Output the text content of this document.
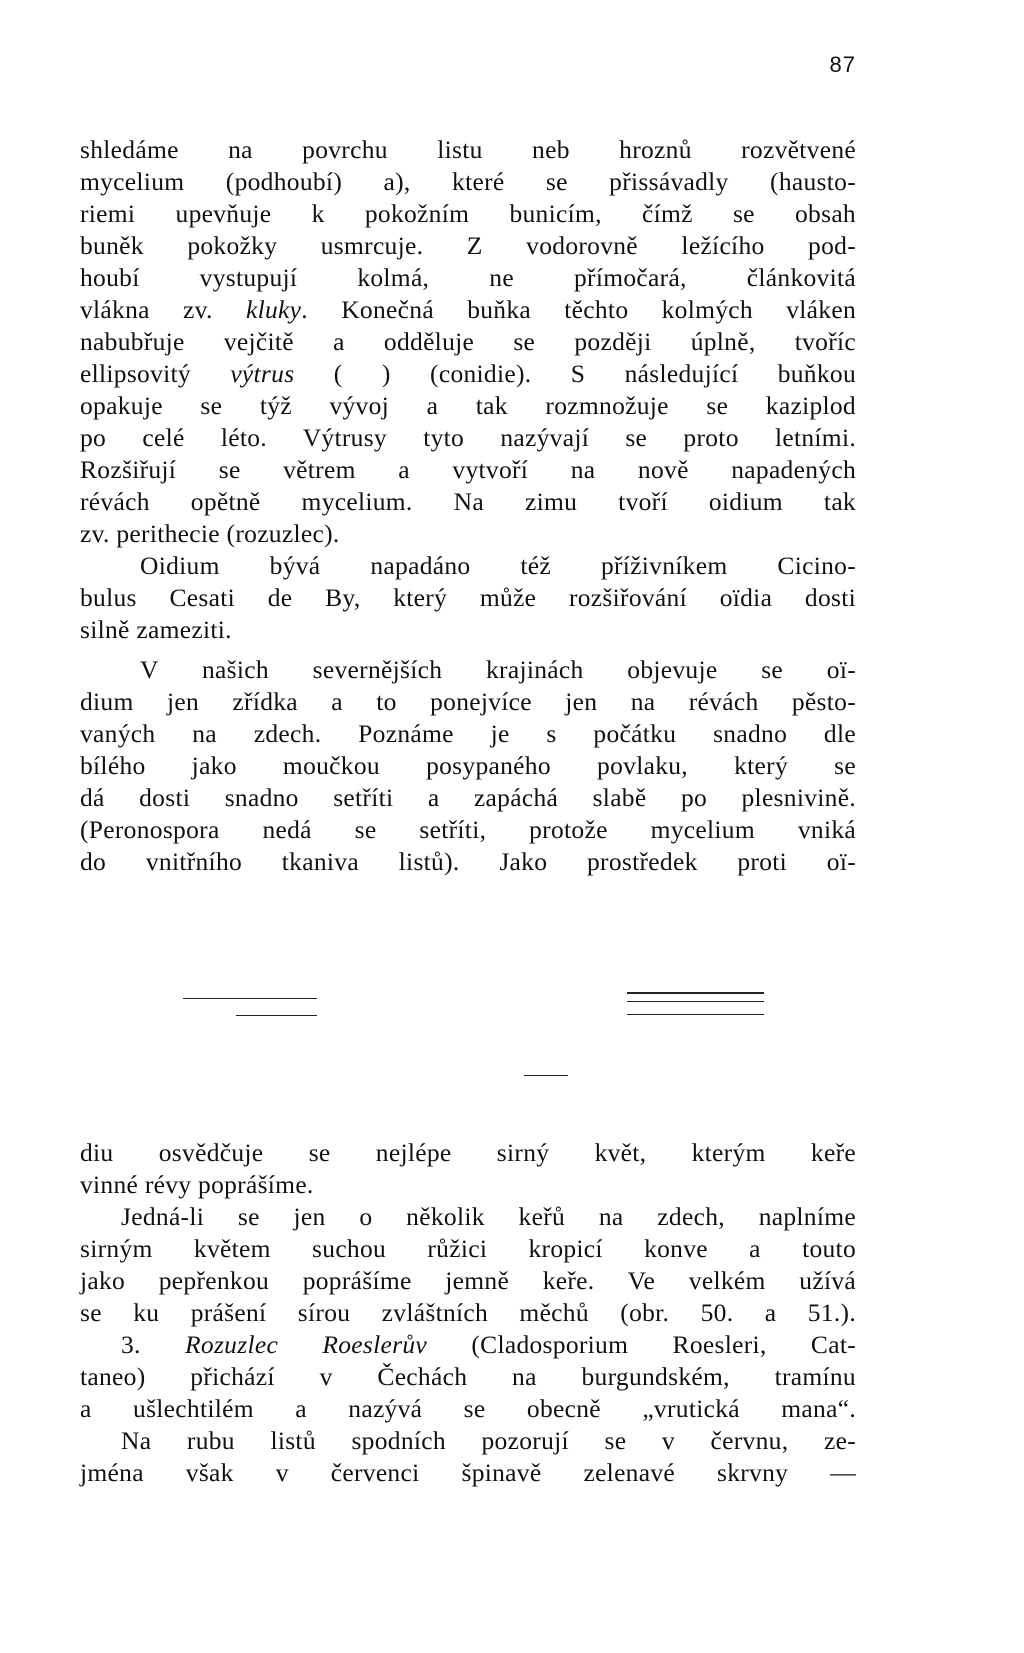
87
shledáme na povrchu listu neb hroznů rozvětvené
mycelium (podhoubí) a), které se přissávadly (hausto-
riemi upevňuje k pokožním bunicím, čímž se obsah
buněk pokožky usmrcuje. Z vodorovně ležícího pod-
houbí vystupují kolmá, ne přímočará, článkovitá
vlákna zv. kluky. Konečná buňka těchto kolmých vláken
nabubřuje vejčitě a odděluje se později úplně, tvoříc
ellipsovitý výtrus ( ) (conidie). S následující buňkou
opakuje se týž vývoj a tak rozmnožuje se kaziplod
po celé léto. Výtrusy tyto nazývají se proto letními.
Rozšiřují se větrem a vytvoří na nově napadených
révách opětně mycelium. Na zimu tvoří oidium tak
zv. perithecie (rozuzlec).
Oidium bývá napadáno též příživníkem Cicino-
bulus Cesati de By, který může rozšiřování oïdia dosti
silně zameziti.
V našich severnějších krajinách objevuje se oï-
dium jen zřídka a to ponejvíce jen na révách pěsto-
vaných na zdech. Poznáme je s počátku snadno dle
bílého jako moučkou posypaného povlaku, který se
dá dosti snadno setříti a zapáchá slabě po plesnivině.
(Peronospora nedá se setříti, protože mycelium vniká
do vnitřního tkaniva listů). Jako prostředek proti oï-
diu osvědčuje se nejlépe sirný květ, kterým keře
vinné révy poprášíme.
Jedná-li se jen o několik keřů na zdech, naplníme
sirným květem suchou růžici kropicí konve a touto
jako pepřenkou poprášíme jemně keře. Ve velkém užívá
se ku prášení sírou zvláštních měchů (obr. 50. a 51.).
3. Rozuzlec Roeslerův (Cladosporium Roesleri, Cat-
taneo) přichází v Čechách na burgundském, tramínu
a ušlechtilém a nazývá se obecně „vrutická mana“.
Na rubu listů spodních pozorují se v červnu, ze-
jména však v červenci špinavě zelenavé skrvny —
